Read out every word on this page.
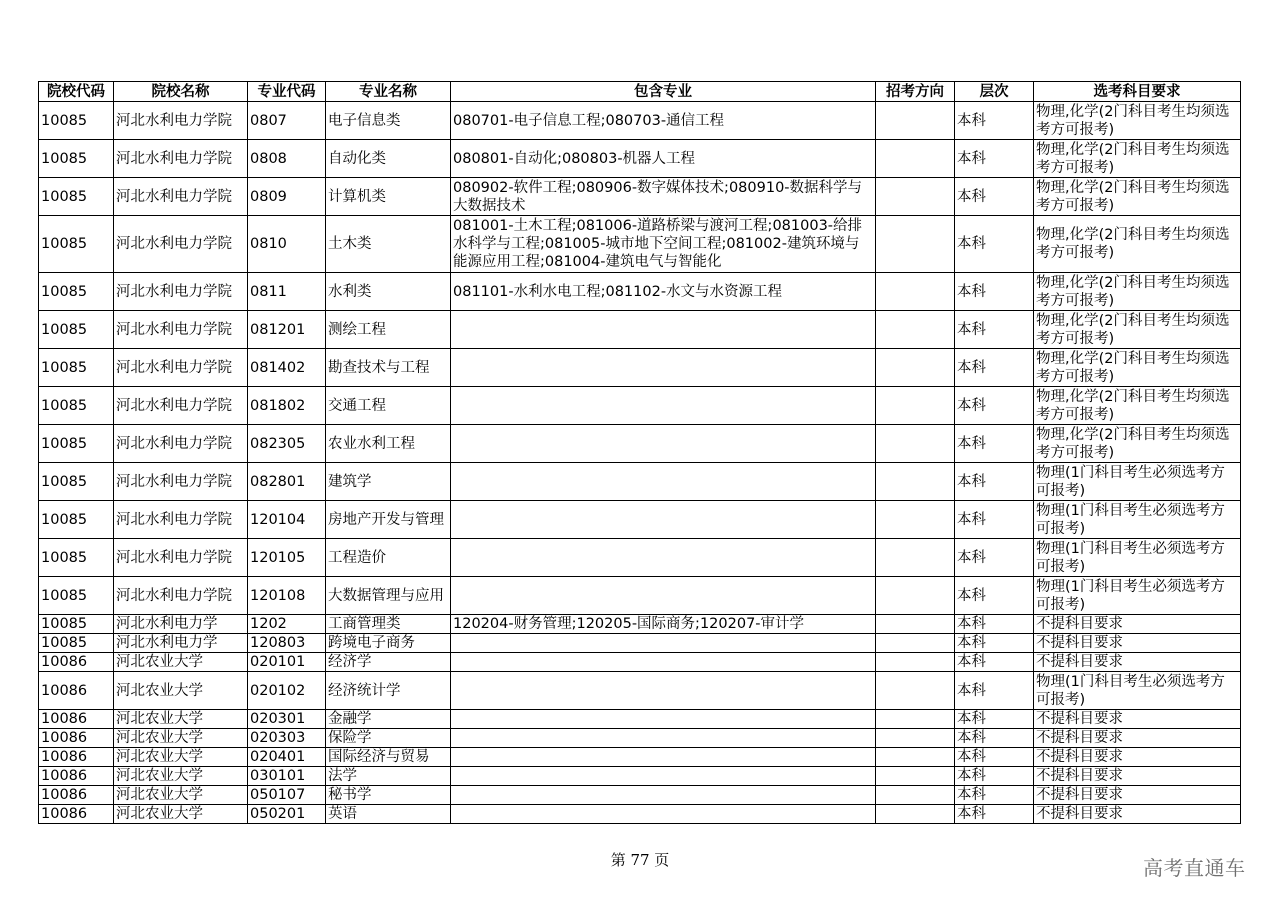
院校代码	院校名称	专业代码	专业名称	包含专业	招考方向	层次	选考科目要求
10085	河北水利电力学院	0807	电子信息类	080701-电子信息工程;080703-通信工程		本科	物理,化学(2门科目考生均须选考方可报考)
10085	河北水利电力学院	0808	自动化类	080801-自动化;080803-机器人工程		本科	物理,化学(2门科目考生均须选考方可报考)
10085	河北水利电力学院	0809	计算机类	080902-软件工程;080906-数字媒体技术;080910-数据科学与大数据技术		本科	物理,化学(2门科目考生均须选考方可报考)
10085	河北水利电力学院	0810	土木类	081001-土木工程;081006-道路桥梁与渡河工程;081003-给排水科学与工程;081005-城市地下空间工程;081002-建筑环境与能源应用工程;081004-建筑电气与智能化		本科	物理,化学(2门科目考生均须选考方可报考)
10085	河北水利电力学院	0811	水利类	081101-水利水电工程;081102-水文与水资源工程		本科	物理,化学(2门科目考生均须选考方可报考)
10085	河北水利电力学院	081201	测绘工程			本科	物理,化学(2门科目考生均须选考方可报考)
10085	河北水利电力学院	081402	勘查技术与工程			本科	物理,化学(2门科目考生均须选考方可报考)
10085	河北水利电力学院	081802	交通工程			本科	物理,化学(2门科目考生均须选考方可报考)
10085	河北水利电力学院	082305	农业水利工程			本科	物理,化学(2门科目考生均须选考方可报考)
10085	河北水利电力学院	082801	建筑学			本科	物理(1门科目考生必须选考方可报考)
10085	河北水利电力学院	120104	房地产开发与管理			本科	物理(1门科目考生必须选考方可报考)
10085	河北水利电力学院	120105	工程造价			本科	物理(1门科目考生必须选考方可报考)
10085	河北水利电力学院	120108	大数据管理与应用			本科	物理(1门科目考生必须选考方可报考)
10085	河北水利电力学	1202	工商管理类	120204-财务管理;120205-国际商务;120207-审计学		本科	不提科目要求
10085	河北水利电力学	120803	跨境电子商务			本科	不提科目要求
10086	河北农业大学	020101	经济学			本科	不提科目要求
10086	河北农业大学	020102	经济统计学			本科	物理(1门科目考生必须选考方可报考)
10086	河北农业大学	020301	金融学			本科	不提科目要求
10086	河北农业大学	020303	保险学			本科	不提科目要求
10086	河北农业大学	020401	国际经济与贸易			本科	不提科目要求
10086	河北农业大学	030101	法学			本科	不提科目要求
10086	河北农业大学	050107	秘书学			本科	不提科目要求
10086	河北农业大学	050201	英语			本科	不提科目要求
第 77 页	高考直通车
